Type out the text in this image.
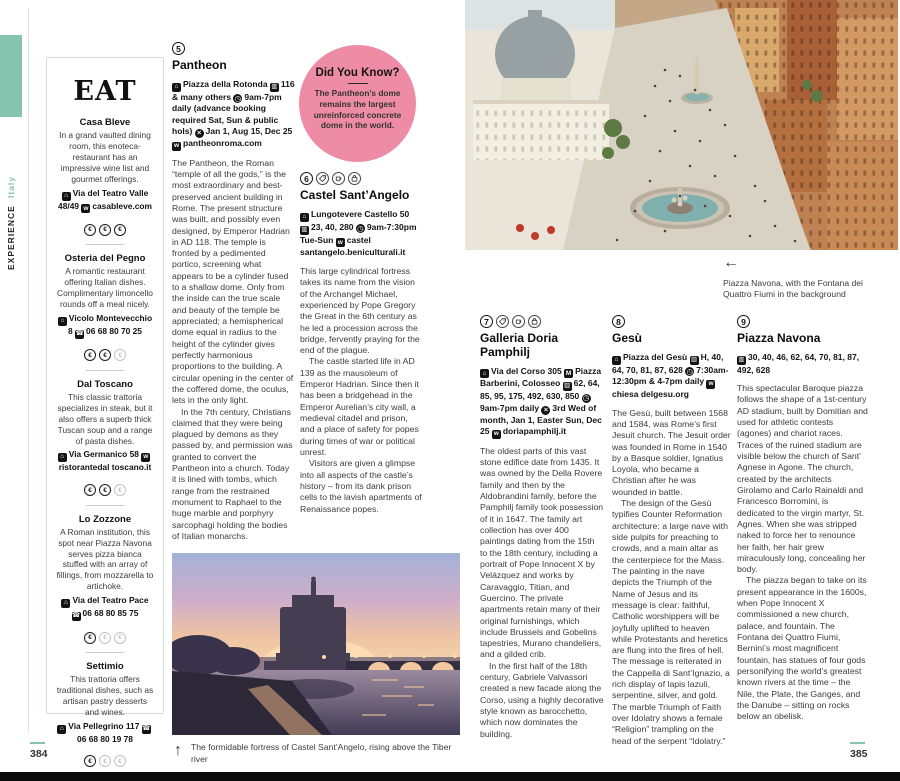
EXPERIENCE

Italy
384	385
EAT
Casa Bleve

In a grand vaulted dining room, this enoteca-restaurant has an impressive wine list and gourmet offerings.

⌂ Via del Teatro Valle 48/49 w casableve.com
€ € €
Osteria del Pegno

A romantic restaurant offering Italian dishes. Complimentary limoncello rounds off a meal nicely.

⌂ Vicolo Montevecchio 8 ☎ 06 68 80 70 25
€ € €
Dal Toscano

This classic trattoria specializes in steak, but it also offers a superb thick Tuscan soup and a range of pasta dishes.

⌂ Via Germanico 58 wristorantedal toscano.it
€ € €
Lo Zozzone

A Roman institution, this spot near Piazza Navona serves pizza bianca stuffed with an array of fillings, from mozzarella to artichoke.

⌂ Via del Teatro Pace ☎ 06 68 80 85 75
€ € €
Settimio

This trattoria offers traditional dishes, such as artisan pastry desserts and wines.

⌂ Via Pellegrino 117 ☎06 68 80 19 78
€ € €
5
Pantheon
⌂ Piazza della Rotonda ▥ 116 & many others ◷ 9am-7pm daily (advance booking required Sat, Sun & public hols) × Jan 1, Aug 15, Dec 25 w pantheonroma.com

The Pantheon, the Roman “temple of all the gods,” is the most extraordinary and best-preserved ancient building in Rome. The present structure was built, and possibly even designed, by Emperor Hadrian in AD 118. The temple is fronted by a pedimented portico, screening what appears to be a cylinder fused to a shallow dome. Only from the inside can the true scale and beauty of the temple be appreciated; a hemispherical dome equal in radius to the height of the cylinder gives perfectly harmonious proportions to the building. A circular opening in the center of the coffered dome, the oculus, lets in the only light.

In the 7th century, Christians claimed that they were being plagued by demons as they passed by, and permission was granted to convert the Pantheon into a church. Today it is lined with tombs, which range from the restrained monument to Raphael to the huge marble and porphyry sarcophagi holding the bodies of Italian monarchs.

Did You Know?

The Pantheon’s dome remains the largest unreinforced concrete dome in the world.

6
Castel Sant’Angelo
⌂ Lungotevere Castello 50 ▥ 23, 40, 280 ◷ 9am-7:30pm Tue-Sun w castel santangelo.beniculturali.it

This large cylindrical fortress takes its name from the vision of the Archangel Michael, experienced by Pope Gregory the Great in the 6th century as he led a procession across the bridge, fervently praying for the end of the plague.

The castle started life in AD 139 as the mausoleum of Emperor Hadrian. Since then it has been a bridgehead in the Emperor Aurelian’s city wall, a medieval citadel and prison, and a place of safety for popes during times of war or political unrest.

Visitors are given a glimpse into all aspects of the castle’s history – from its dank prison cells to the lavish apartments of Renaissance popes.

↑ The formidable fortress of Castel Sant’Angelo, rising above the Tiber river
←
Piazza Navona, with the Fontana dei Quattro Fiumi in the background
7
Galleria Doria Pamphilj
⌂ Via del Corso 305 M Piazza Barberini, Colosseo ▥ 62, 64, 85, 95, 175, 492, 630, 850 ◷9am-7pm daily × 3rd Wed of month, Jan 1, Easter Sun, Dec 25 w doriapamphilj.it

The oldest parts of this vast stone edifice date from 1435. It was owned by the Della Rovere family and then by the Aldobrandini family, before the Pamphilj family took possession of it in 1647. The family art collection has over 400 paintings dating from the 15th to the 18th century, including a portrait of Pope Innocent X by Velázquez and works by Caravaggio, Titian, and Guercino. The private apartments retain many of their original furnishings, which include Brussels and Gobelins tapestries, Murano chandeliers, and a gilded crib.

In the first half of the 18th century, Gabriele Valvassori created a new facade along the Corso, using a highly decorative style known as barocchetto, which now dominates the building.

8
Gesù
⌂ Piazza del Gesù ▥ H, 40, 64, 70, 81, 87, 628 ◷ 7:30am-12:30pm & 4-7pm daily wchiesa delgesu.org

The Gesù, built between 1568 and 1584, was Rome’s first Jesuit church. The Jesuit order was founded in Rome in 1540 by a Basque soldier, Ignatius Loyola, who became a Christian after he was wounded in battle.

The design of the Gesù typifies Counter Reformation architecture: a large nave with side pulpits for preaching to crowds, and a main altar as the centerpiece for the Mass. The painting in the nave depicts the Triumph of the Name of Jesus and its message is clear: faithful, Catholic worshippers will be joyfully uplifted to heaven while Protestants and heretics are flung into the fires of hell. The message is reiterated in the Cappella di Sant’Ignazio, a rich display of lapis lazuli, serpentine, silver, and gold. The marble Triumph of Faith over Idolatry shows a female “Religion” trampling on the head of the serpent “Idolatry.”

9
Piazza Navona
▥ 30, 40, 46, 62, 64, 70, 81, 87, 492, 628

This spectacular Baroque piazza follows the shape of a 1st-century AD stadium, built by Domitian and used for athletic contests (agones) and chariot races. Traces of the ruined stadium are visible below the church of Sant’ Agnese in Agone. The church, created by the architects Girolamo and Carlo Rainaldi and Francesco Borromini, is dedicated to the virgin martyr, St. Agnes. When she was stripped naked to force her to renounce her faith, her hair grew miraculously long, concealing her body.

The piazza began to take on its present appearance in the 1600s, when Pope Innocent X commissioned a new church, palace, and fountain. The Fontana dei Quattro Fiumi, Bernini’s most magnificent fountain, has statues of four gods personifying the world’s greatest known rivers at the time – the Nile, the Plate, the Ganges, and the Danube – sitting on rocks below an obelisk.
